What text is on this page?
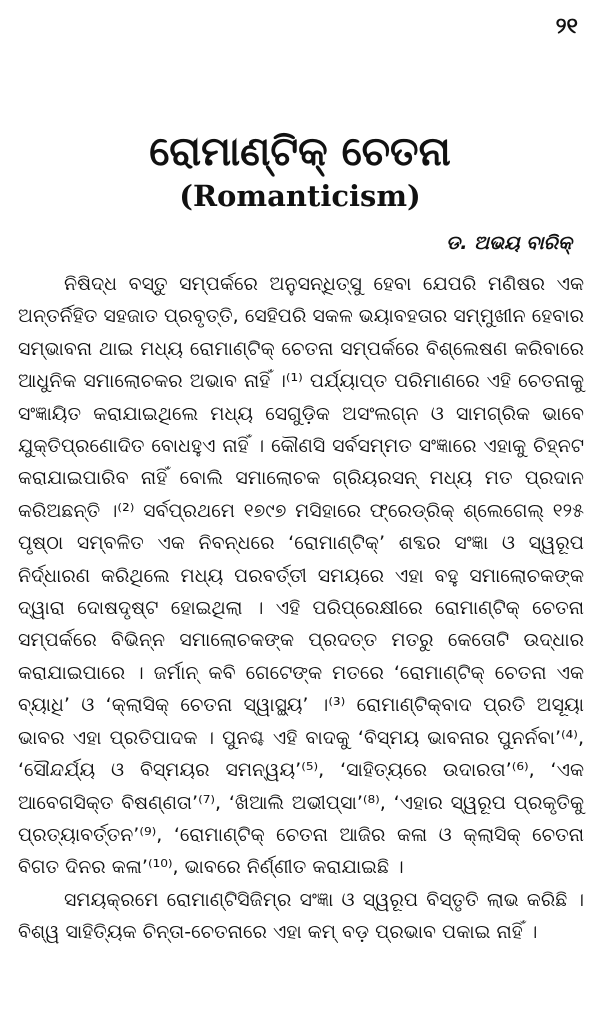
୨୧
ରୋମାଣ୍ଟିକ୍ ଚେତନା
(Romanticism)
ଡ. ଅଭୟ ବାରିକ୍

ନିଷିଦ୍ଧ ବସ୍ତୁ ସମ୍ପର୍କରେ ଅନୁସନ୍ଧିତ୍ସୁ ହେବା ଯେପରି ମଣିଷର ଏକ ଅନ୍ତର୍ନିହିତ ସହଜାତ ପ୍ରବୃତ୍ତି, ସେହିପରି ସକଳ ଭୟାବହତାର ସମ୍ମୁଖୀନ ହେବାର ସମ୍ଭାବନା ଥାଇ ମଧ୍ୟ ରୋମାଣ୍ଟିକ୍ ଚେତନା ସମ୍ପର୍କରେ ବିଶ୍ଲେଷଣ କରିବାରେ ଆଧୁନିକ ସମାଲୋଚକର ଅଭାବ ନାହିଁ ।⁽¹⁾ ପର୍ଯ୍ୟାପ୍ତ ପରିମାଣରେ ଏହି ଚେତନାକୁ ସଂଜ୍ଞାୟିତ କରାଯାଇଥିଲେ ମଧ୍ୟ ସେଗୁଡ଼ିକ ଅସଂଲଗ୍ନ ଓ ସାମଗ୍ରିକ ଭାବେ ଯୁକ୍ତିପ୍ରଣୋଦିତ ବୋଧହୁଏ ନାହିଁ । କୌଣସି ସର୍ବସମ୍ମତ ସଂଜ୍ଞାରେ ଏହାକୁ ଚିହ୍ନଟ କରାଯାଇପାରିବ ନାହିଁ ବୋଲି ସମାଲୋଚକ ଗ୍ରିୟରସନ୍ ମଧ୍ୟ ମତ ପ୍ରଦାନ କରିଅଛନ୍ତି ।⁽²⁾ ସର୍ବପ୍ରଥମେ ୧୭୯୭ ମସିହାରେ ଫ୍ରେଡ୍ରିକ୍ ଶ୍ଲେଗେଲ୍ ୧୨୫ ପୃଷ୍ଠା ସମ୍ବଳିତ ଏକ ନିବନ୍ଧରେ ‘ରୋମାଣ୍ଟିକ୍’ ଶବ୍ଦର ସଂଜ୍ଞା ଓ ସ୍ୱରୂପ ନିର୍ଦ୍ଧାରଣ କରିଥିଲେ ମଧ୍ୟ ପରବର୍ତ୍ତୀ ସମୟରେ ଏହା ବହୁ ସମାଲୋଚକଙ୍କ ଦ୍ୱାରା ଦୋଷଦୃଷ୍ଟ ହୋଇଥିଲା । ଏହି ପରିପ୍ରେକ୍ଷୀରେ ରୋମାଣ୍ଟିକ୍ ଚେତନା ସମ୍ପର୍କରେ ବିଭିନ୍ନ ସମାଲୋଚକଙ୍କ ପ୍ରଦତ୍ତ ମତରୁ କେତୋଟି ଉଦ୍ଧାର କରାଯାଇପାରେ । ଜର୍ମାନ୍ କବି ଗେଟେଙ୍କ ମତରେ ‘ରୋମାଣ୍ଟିକ୍ ଚେତନା ଏକ ବ୍ୟାଧି’ ଓ ‘କ୍ଲାସିକ୍ ଚେତନା ସ୍ୱାସ୍ଥ୍ୟ’ ।⁽³⁾ ରୋମାଣ୍ଟିକ୍‌ବାଦ ପ୍ରତି ଅସୂୟା ଭାବର ଏହା ପ୍ରତିପାଦକ । ପୁନଶ୍ଚ ଏହି ବାଦକୁ ‘ବିସ୍ମୟ ଭାବନାର ପୁନର୍ନବା’⁽⁴⁾, ‘ସୌନ୍ଦର୍ଯ୍ୟ ଓ ବିସ୍ମୟର ସମନ୍ୱୟ’⁽⁵⁾, ‘ସାହିତ୍ୟରେ ଉଦାରତା’⁽⁶⁾, ‘ଏକ ଆବେଗସିକ୍ତ ବିଷଣ୍ଣତା’⁽⁷⁾, ‘ଖିଆଲି ଅଭୀପ୍ସା’⁽⁸⁾, ‘ଏହାର ସ୍ୱରୂପ ପ୍ରକୃତିକୁ ପ୍ରତ୍ୟାବର୍ତ୍ତନ’⁽⁹⁾, ‘ରୋମାଣ୍ଟିକ୍ ଚେତନା ଆଜିର କଳା ଓ କ୍ଲାସିକ୍ ଚେତନା ବିଗତ ଦିନର କଳା’⁽¹⁰⁾, ଭାବରେ ନିର୍ଣ୍ଣୀତ କରାଯାଇଛି ।

ସମୟକ୍ରମେ ରୋମାଣ୍ଟିସିଜିମ୍‌ର ସଂଜ୍ଞା ଓ ସ୍ୱରୂପ ବିସ୍ତୃତି ଲାଭ କରିଛି । ବିଶ୍ୱ ସାହିତ୍ୟିକ ଚିନ୍ତା-ଚେତନାରେ ଏହା କମ୍ ବଡ଼ ପ୍ରଭାବ ପକାଇ ନାହିଁ ।
